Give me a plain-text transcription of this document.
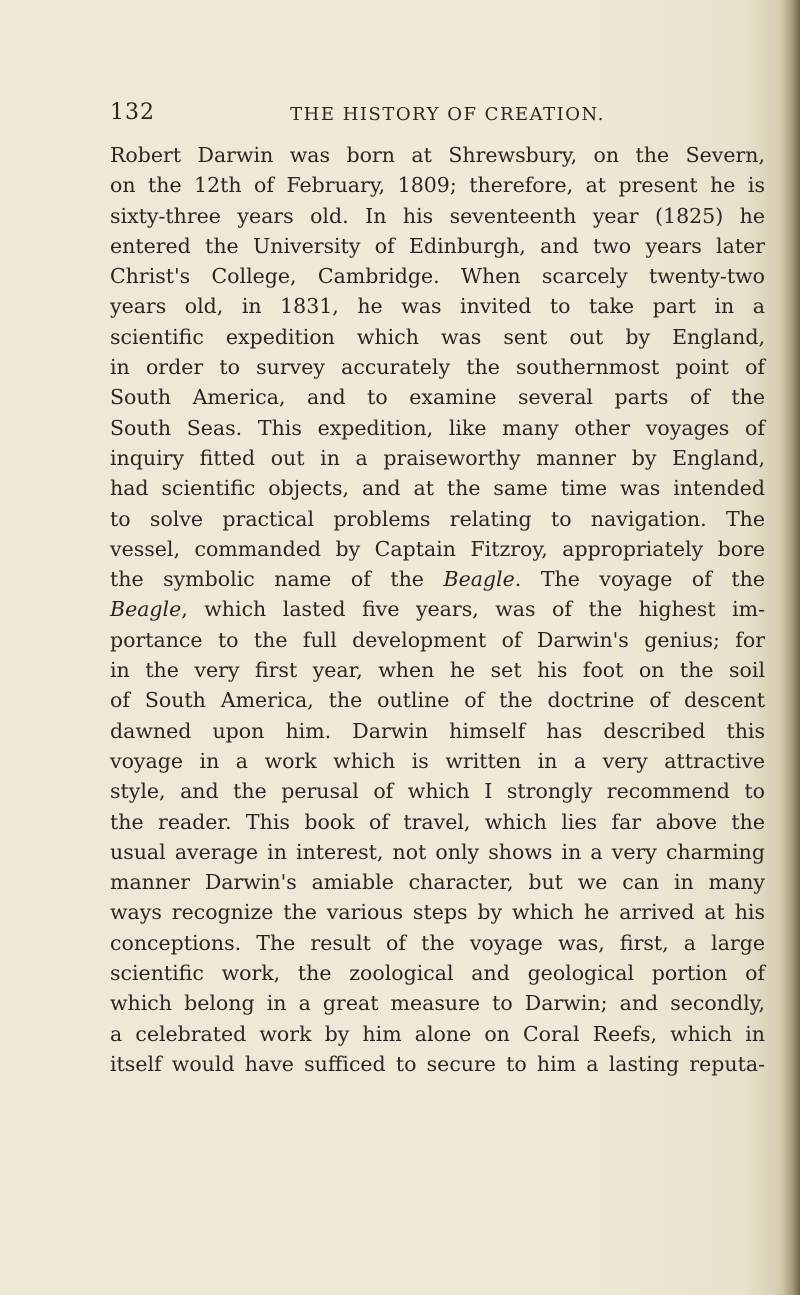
132	THE HISTORY OF CREATION.
Robert Darwin was born at Shrewsbury, on the Severn,
on the 12th of February, 1809; therefore, at present he is
sixty-three years old. In his seventeenth year (1825) he
entered the University of Edinburgh, and two years later
Christ's College, Cambridge. When scarcely twenty-two
years old, in 1831, he was invited to take part in a
scientific expedition which was sent out by England,
in order to survey accurately the southernmost point of
South America, and to examine several parts of the
South Seas. This expedition, like many other voyages of
inquiry fitted out in a praiseworthy manner by England,
had scientific objects, and at the same time was intended
to solve practical problems relating to navigation. The
vessel, commanded by Captain Fitzroy, appropriately bore
the symbolic name of the Beagle. The voyage of the
Beagle, which lasted five years, was of the highest im-
portance to the full development of Darwin's genius; for
in the very first year, when he set his foot on the soil
of South America, the outline of the doctrine of descent
dawned upon him. Darwin himself has described this
voyage in a work which is written in a very attractive
style, and the perusal of which I strongly recommend to
the reader. This book of travel, which lies far above the
usual average in interest, not only shows in a very charming
manner Darwin's amiable character, but we can in many
ways recognize the various steps by which he arrived at his
conceptions. The result of the voyage was, first, a large
scientific work, the zoological and geological portion of
which belong in a great measure to Darwin; and secondly,
a celebrated work by him alone on Coral Reefs, which in
itself would have sufficed to secure to him a lasting reputa-
